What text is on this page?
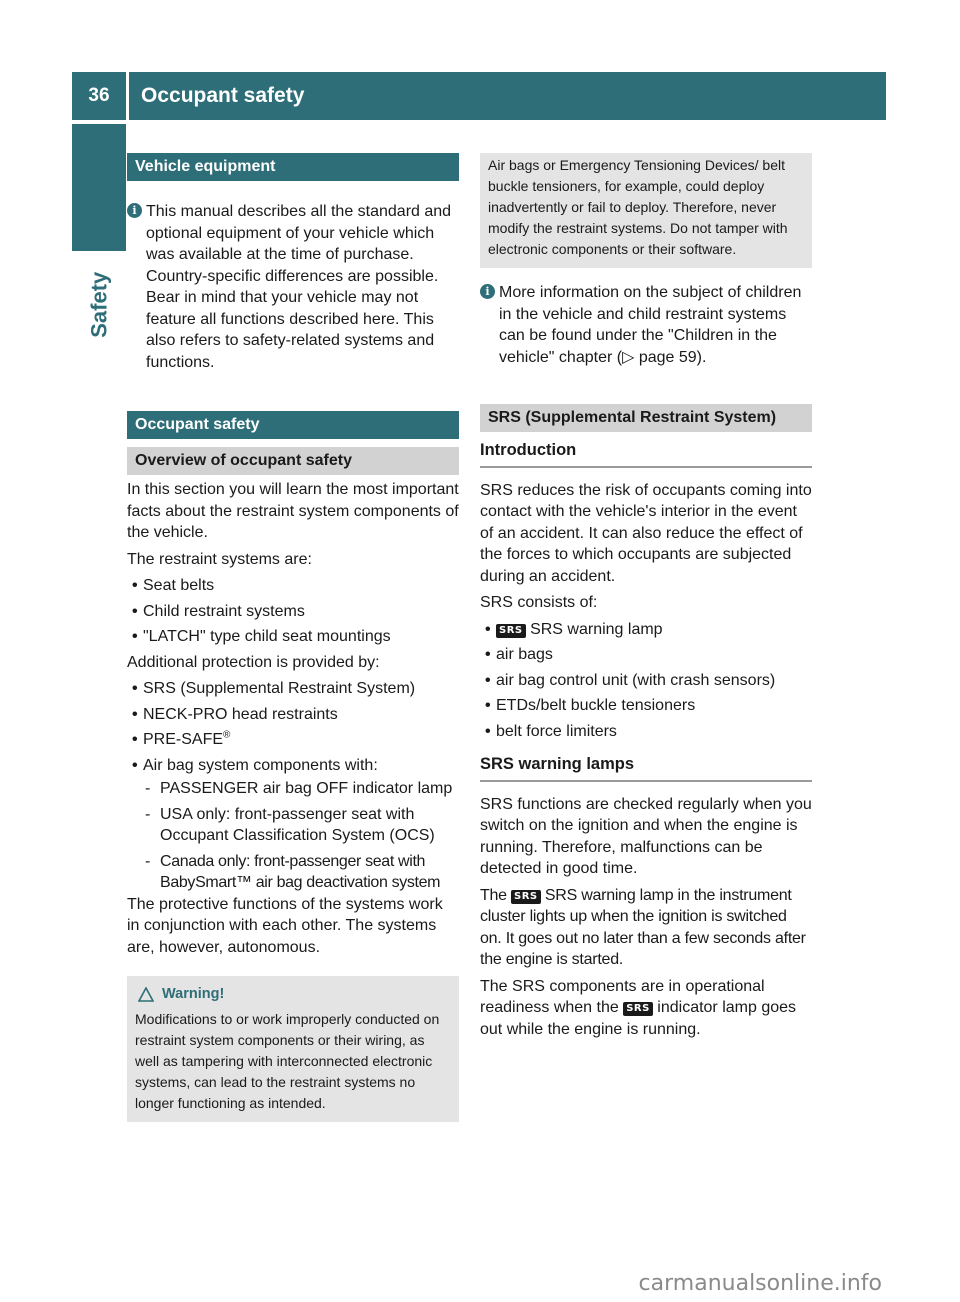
36	Occupant safety
Safety
Vehicle equipment
i This manual describes all the standard and optional equipment of your vehicle which was available at the time of purchase. Country-specific differences are possible. Bear in mind that your vehicle may not feature all functions described here. This also refers to safety-related systems and functions.
Occupant safety
Overview of occupant safety

In this section you will learn the most important facts about the restraint system components of the vehicle.

The restraint systems are:

• Seat belts
• Child restraint systems
• "LATCH" type child seat mountings

Additional protection is provided by:

• SRS (Supplemental Restraint System)
• NECK-PRO head restraints
• PRE-SAFE®
• Air bag system components with:
- PASSENGER air bag OFF indicator lamp
- USA only: front-passenger seat with Occupant Classification System (OCS)
- Canada only: front-passenger seat with BabySmart™ air bag deactivation system

The protective functions of the systems work in conjunction with each other. The systems are, however, autonomous.

Warning!
Modifications to or work improperly conducted on restraint system components or their wiring, as well as tampering with interconnected electronic systems, can lead to the restraint systems no longer functioning as intended.
Air bags or Emergency Tensioning Devices/ belt buckle tensioners, for example, could deploy inadvertently or fail to deploy. Therefore, never modify the restraint systems. Do not tamper with electronic components or their software.
i More information on the subject of children in the vehicle and child restraint systems can be found under the "Children in the vehicle" chapter (▷ page 59).
SRS (Supplemental Restraint System)
Introduction

SRS reduces the risk of occupants coming into contact with the vehicle's interior in the event of an accident. It can also reduce the effect of the forces to which occupants are subjected during an accident.

SRS consists of:

• SRS SRS warning lamp
• air bags
• air bag control unit (with crash sensors)
• ETDs/belt buckle tensioners
• belt force limiters
SRS warning lamps

SRS functions are checked regularly when you switch on the ignition and when the engine is running. Therefore, malfunctions can be detected in good time.

The SRS SRS warning lamp in the instrument cluster lights up when the ignition is switched on. It goes out no later than a few seconds after the engine is started.

The SRS components are in operational readiness when the SRS indicator lamp goes out while the engine is running.

carmanualsonline.info
